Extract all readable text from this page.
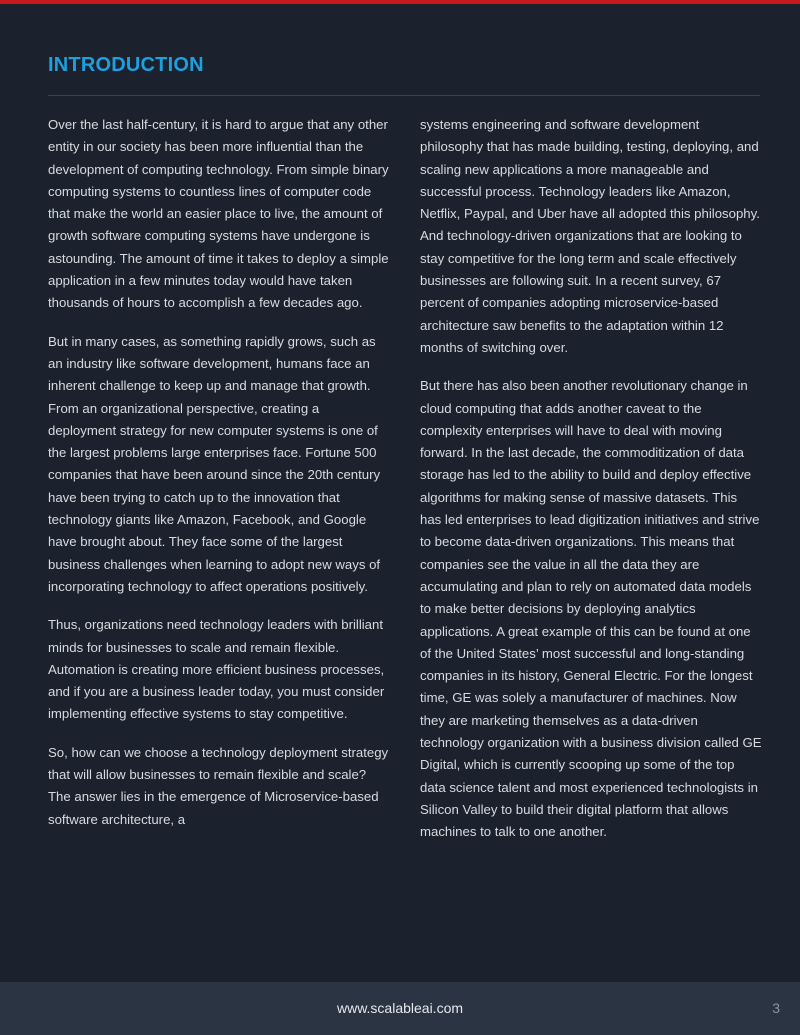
INTRODUCTION

Over the last half-century, it is hard to argue that any other entity in our society has been more influential than the development of computing technology. From simple binary computing systems to countless lines of computer code that make the world an easier place to live, the amount of growth software computing systems have undergone is astounding. The amount of time it takes to deploy a simple application in a few minutes today would have taken thousands of hours to accomplish a few decades ago.

But in many cases, as something rapidly grows, such as an industry like software development, humans face an inherent challenge to keep up and manage that growth. From an organizational perspective, creating a deployment strategy for new computer systems is one of the largest problems large enterprises face. Fortune 500 companies that have been around since the 20th century have been trying to catch up to the innovation that technology giants like Amazon, Facebook, and Google have brought about. They face some of the largest business challenges when learning to adopt new ways of incorporating technology to affect operations positively.

Thus, organizations need technology leaders with brilliant minds for businesses to scale and remain flexible. Automation is creating more efficient business processes, and if you are a business leader today, you must consider implementing effective systems to stay competitive.

So, how can we choose a technology deployment strategy that will allow businesses to remain flexible and scale? The answer lies in the emergence of Microservice-based software architecture, a

systems engineering and software development philosophy that has made building, testing, deploying, and scaling new applications a more manageable and successful process. Technology leaders like Amazon, Netflix, Paypal, and Uber have all adopted this philosophy. And technology-driven organizations that are looking to stay competitive for the long term and scale effectively businesses are following suit. In a recent survey, 67 percent of companies adopting microservice-based architecture saw benefits to the adaptation within 12 months of switching over.

But there has also been another revolutionary change in cloud computing that adds another caveat to the complexity enterprises will have to deal with moving forward. In the last decade, the commoditization of data storage has led to the ability to build and deploy effective algorithms for making sense of massive datasets. This has led enterprises to lead digitization initiatives and strive to become data-driven organizations. This means that companies see the value in all the data they are accumulating and plan to rely on automated data models to make better decisions by deploying analytics applications. A great example of this can be found at one of the United States’ most successful and long-standing companies in its history, General Electric. For the longest time, GE was solely a manufacturer of machines. Now they are marketing themselves as a data-driven technology organization with a business division called GE Digital, which is currently scooping up some of the top data science talent and most experienced technologists in Silicon Valley to build their digital platform that allows machines to talk to one another.

www.scalableai.com	3
